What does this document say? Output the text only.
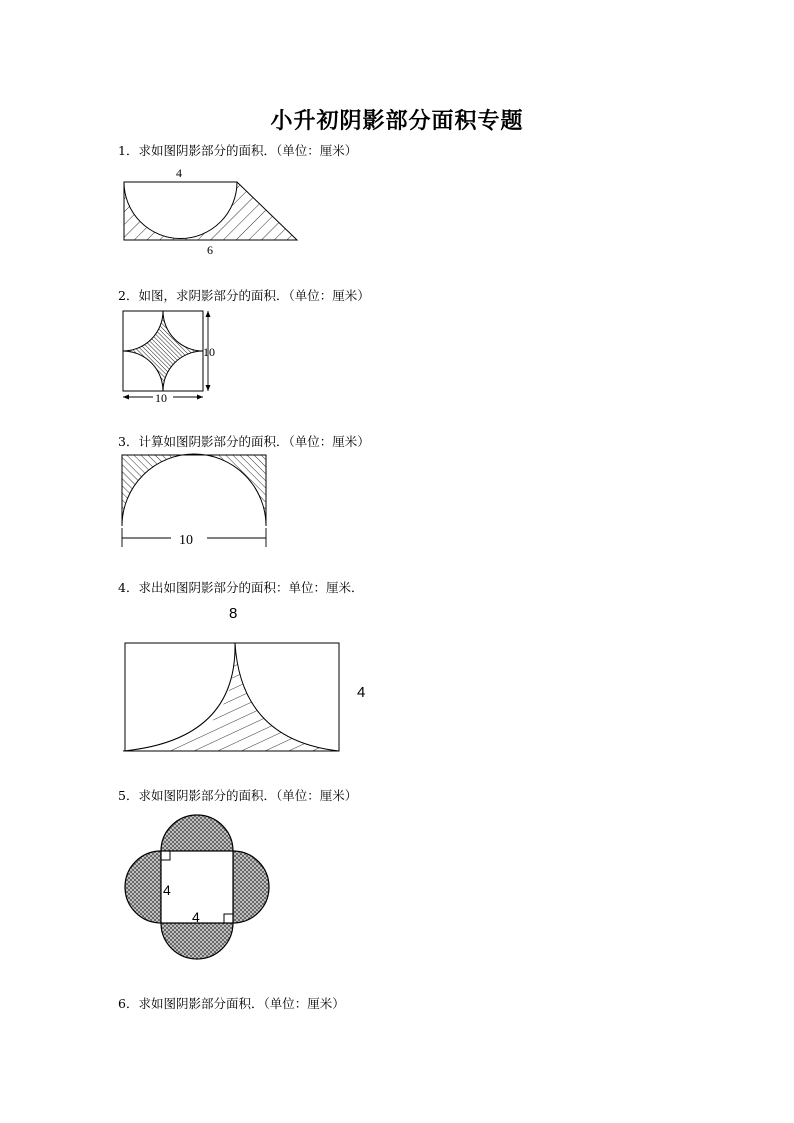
小升初阴影部分面积专题
1．求如图阴影部分的面积．（单位：厘米）
4
6
2．如图，求阴影部分的面积．（单位：厘米）
10
10
3．计算如图阴影部分的面积．（单位：厘米）
10
4．求出如图阴影部分的面积：单位：厘米．
8
4
5．求如图阴影部分的面积．（单位：厘米）
4
4
6．求如图阴影部分面积．（单位：厘米）
